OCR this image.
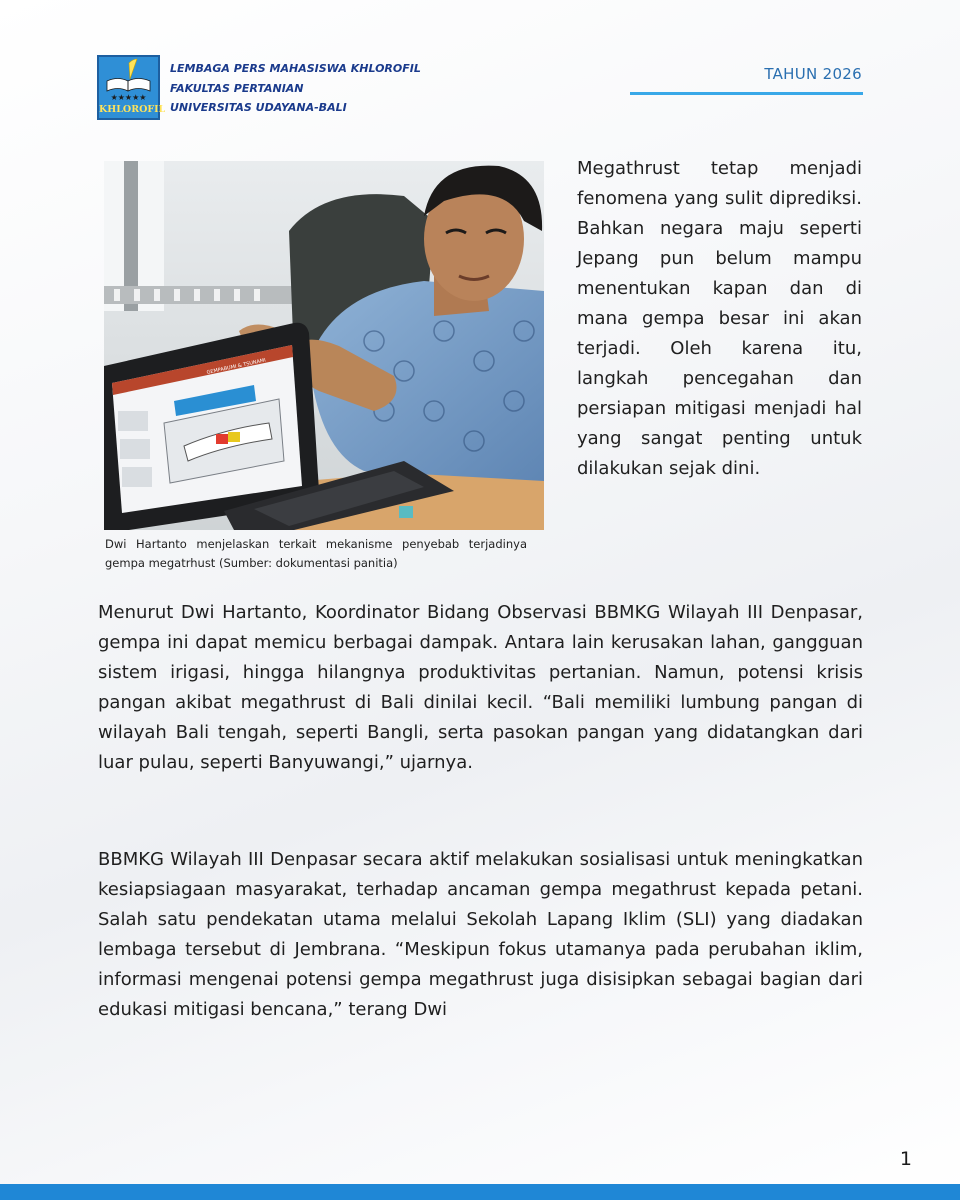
★★★★★
KHLOROFIL
LEMBAGA PERS MAHASISWA KHLOROFIL
FAKULTAS PERTANIAN
UNIVERSITAS UDAYANA-BALI
TAHUN 2026
GEMPABUMI & TSUNAMI
Dwi Hartanto menjelaskan terkait mekanisme penyebab terjadinya gempa megatrhust (Sumber: dokumentasi panitia)
Megathrust tetap menjadi fenomena yang sulit diprediksi. Bahkan negara maju seperti Jepang pun belum mampu menentukan kapan dan di mana gempa besar ini akan terjadi. Oleh karena itu, langkah pencegahan dan persiapan mitigasi menjadi hal yang sangat penting untuk dilakukan sejak dini.
Menurut Dwi Hartanto, Koordinator Bidang Observasi BBMKG Wilayah III Denpasar, gempa ini dapat memicu berbagai dampak. Antara lain kerusakan lahan, gangguan sistem irigasi, hingga hilangnya produktivitas pertanian. Namun, potensi krisis pangan akibat megathrust di Bali dinilai kecil. “Bali memiliki lumbung pangan di wilayah Bali tengah, seperti Bangli, serta pasokan pangan yang didatangkan dari luar pulau, seperti Banyuwangi,” ujarnya.
BBMKG Wilayah III Denpasar secara aktif melakukan sosialisasi untuk meningkatkan kesiapsiagaan masyarakat, terhadap ancaman gempa megathrust kepada petani. Salah satu pendekatan utama melalui Sekolah Lapang Iklim (SLI) yang diadakan lembaga tersebut di Jembrana. “Meskipun fokus utamanya pada perubahan iklim, informasi mengenai potensi gempa megathrust juga disisipkan sebagai bagian dari edukasi mitigasi bencana,” terang Dwi
1
